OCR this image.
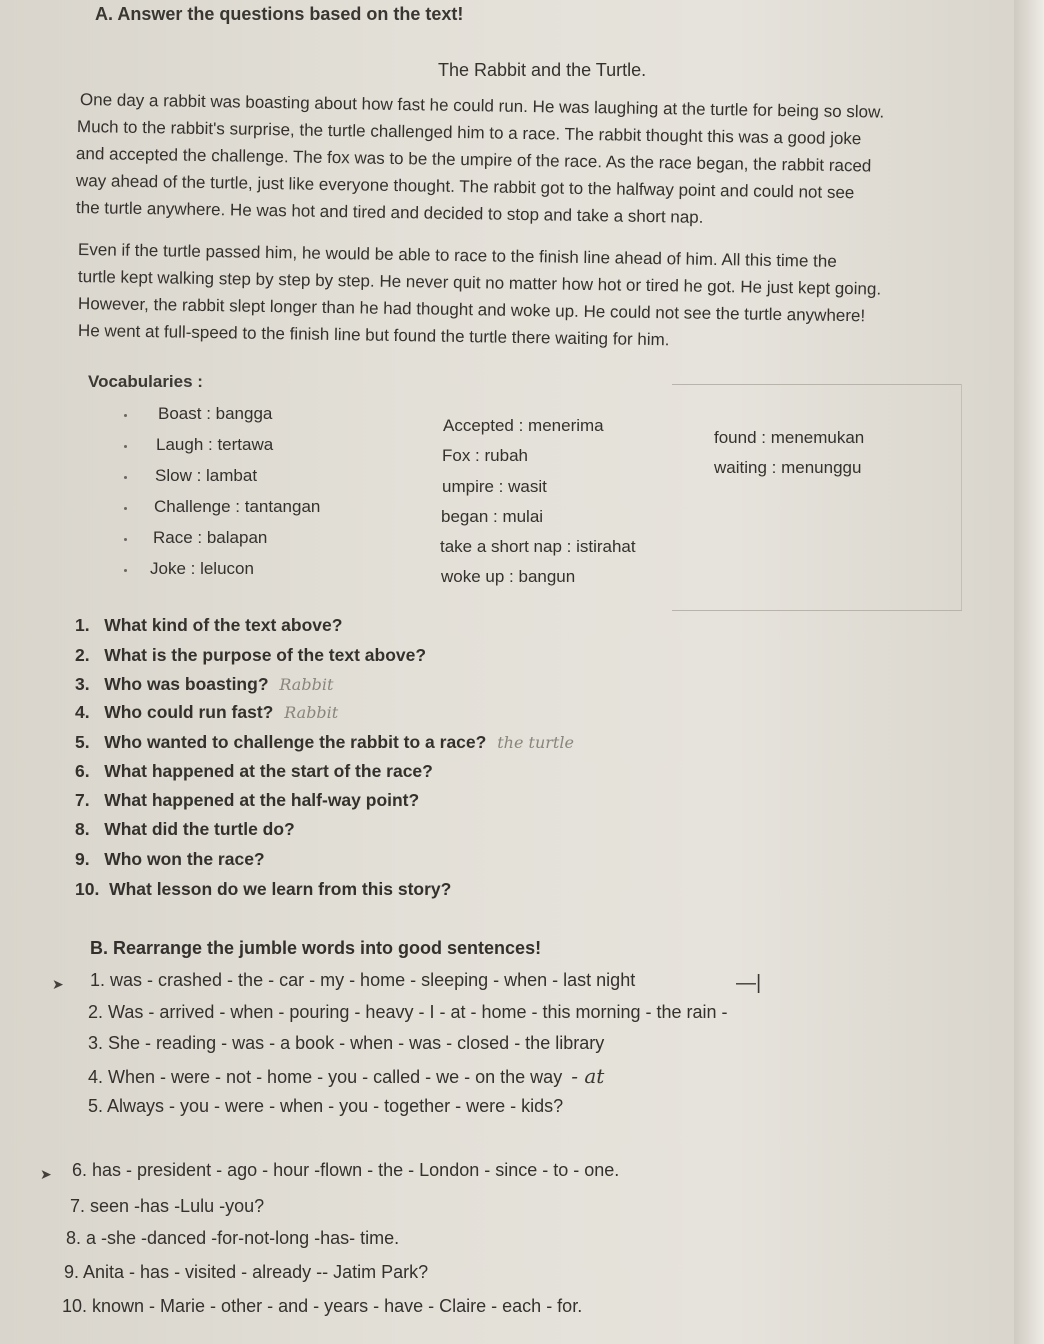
A. Answer the questions based on the text!
The Rabbit and the Turtle.
One day a rabbit was boasting about how fast he could run. He was laughing at the turtle for being so slow.
Much to the rabbit's surprise, the turtle challenged him to a race. The rabbit thought this was a good joke
and accepted the challenge. The fox was to be the umpire of the race. As the race began, the rabbit raced
way ahead of the turtle, just like everyone thought. The rabbit got to the halfway point and could not see
the turtle anywhere. He was hot and tired and decided to stop and take a short nap.
Even if the turtle passed him, he would be able to race to the finish line ahead of him. All this time the
turtle kept walking step by step by step. He never quit no matter how hot or tired he got. He just kept going.
However, the rabbit slept longer than he had thought and woke up. He could not see the turtle anywhere!
He went at full-speed to the finish line but found the turtle there waiting for him.
Vocabularies :
Boast : bangga
Laugh : tertawa
Slow : lambat
Challenge : tantangan
Race : balapan
Joke : lelucon
Accepted : menerima
Fox : rubah
umpire : wasit
began : mulai
take a short nap : istirahat
woke up : bangun
found : menemukan
waiting : menunggu
1. What kind of the text above?
2. What is the purpose of the text above?
3. Who was boasting? Rabbit
4. Who could run fast? Rabbit
5. Who wanted to challenge the rabbit to a race? the turtle
6. What happened at the start of the race?
7. What happened at the half-way point?
8. What did the turtle do?
9. Who won the race?
10. What lesson do we learn from this story?
B. Rearrange the jumble words into good sentences!
➤ 1. was - crashed - the - car - my - home - sleeping - when - last night	—|
2. Was - arrived - when - pouring - heavy - I - at - home - this morning - the rain -
3. She - reading - was - a book - when - was - closed - the library
4. When - were - not - home - you - called - we - on the way - at
5. Always - you - were - when - you - together - were - kids?
➤ 6. has - president - ago - hour -flown - the - London - since - to - one.
7. seen -has -Lulu -you?
8. a -she -danced -for-not-long -has- time.
9. Anita - has - visited - already -- Jatim Park?
10. known - Marie - other - and - years - have - Claire - each - for.
